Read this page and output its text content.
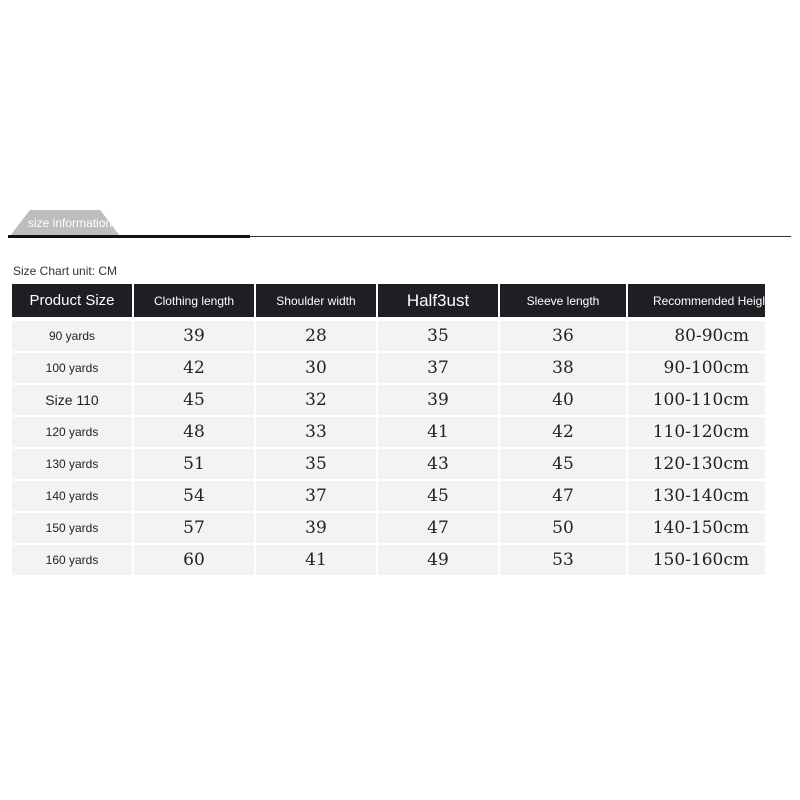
size information
Size Chart unit: CM
Product Size	Clothing length	Shoulder width	Half3ust	Sleeve length	Recommended Heigl
90 yards	39	28	35	36	80-90cm
100 yards	42	30	37	38	90-100cm
Size 110	45	32	39	40	100-110cm
120 yards	48	33	41	42	110-120cm
130 yards	51	35	43	45	120-130cm
140 yards	54	37	45	47	130-140cm
150 yards	57	39	47	50	140-150cm
160 yards	60	41	49	53	150-160cm
